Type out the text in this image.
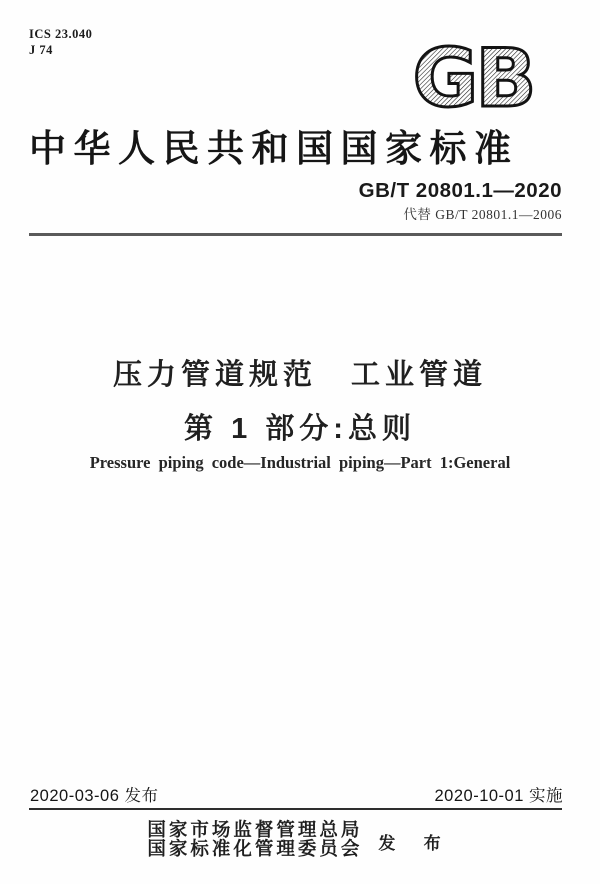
ICS 23.040
J 74	GB
中华人民共和国国家标准
GB/T 20801.1—2020
代替 GB/T 20801.1—2006
压力管道规范　工业管道
第 1 部分:总则
Pressure piping code—Industrial piping—Part 1:General
2020-03-06 发布	2020-10-01 实施
国家市场监督管理总局
国家标准化管理委员会 发 布
